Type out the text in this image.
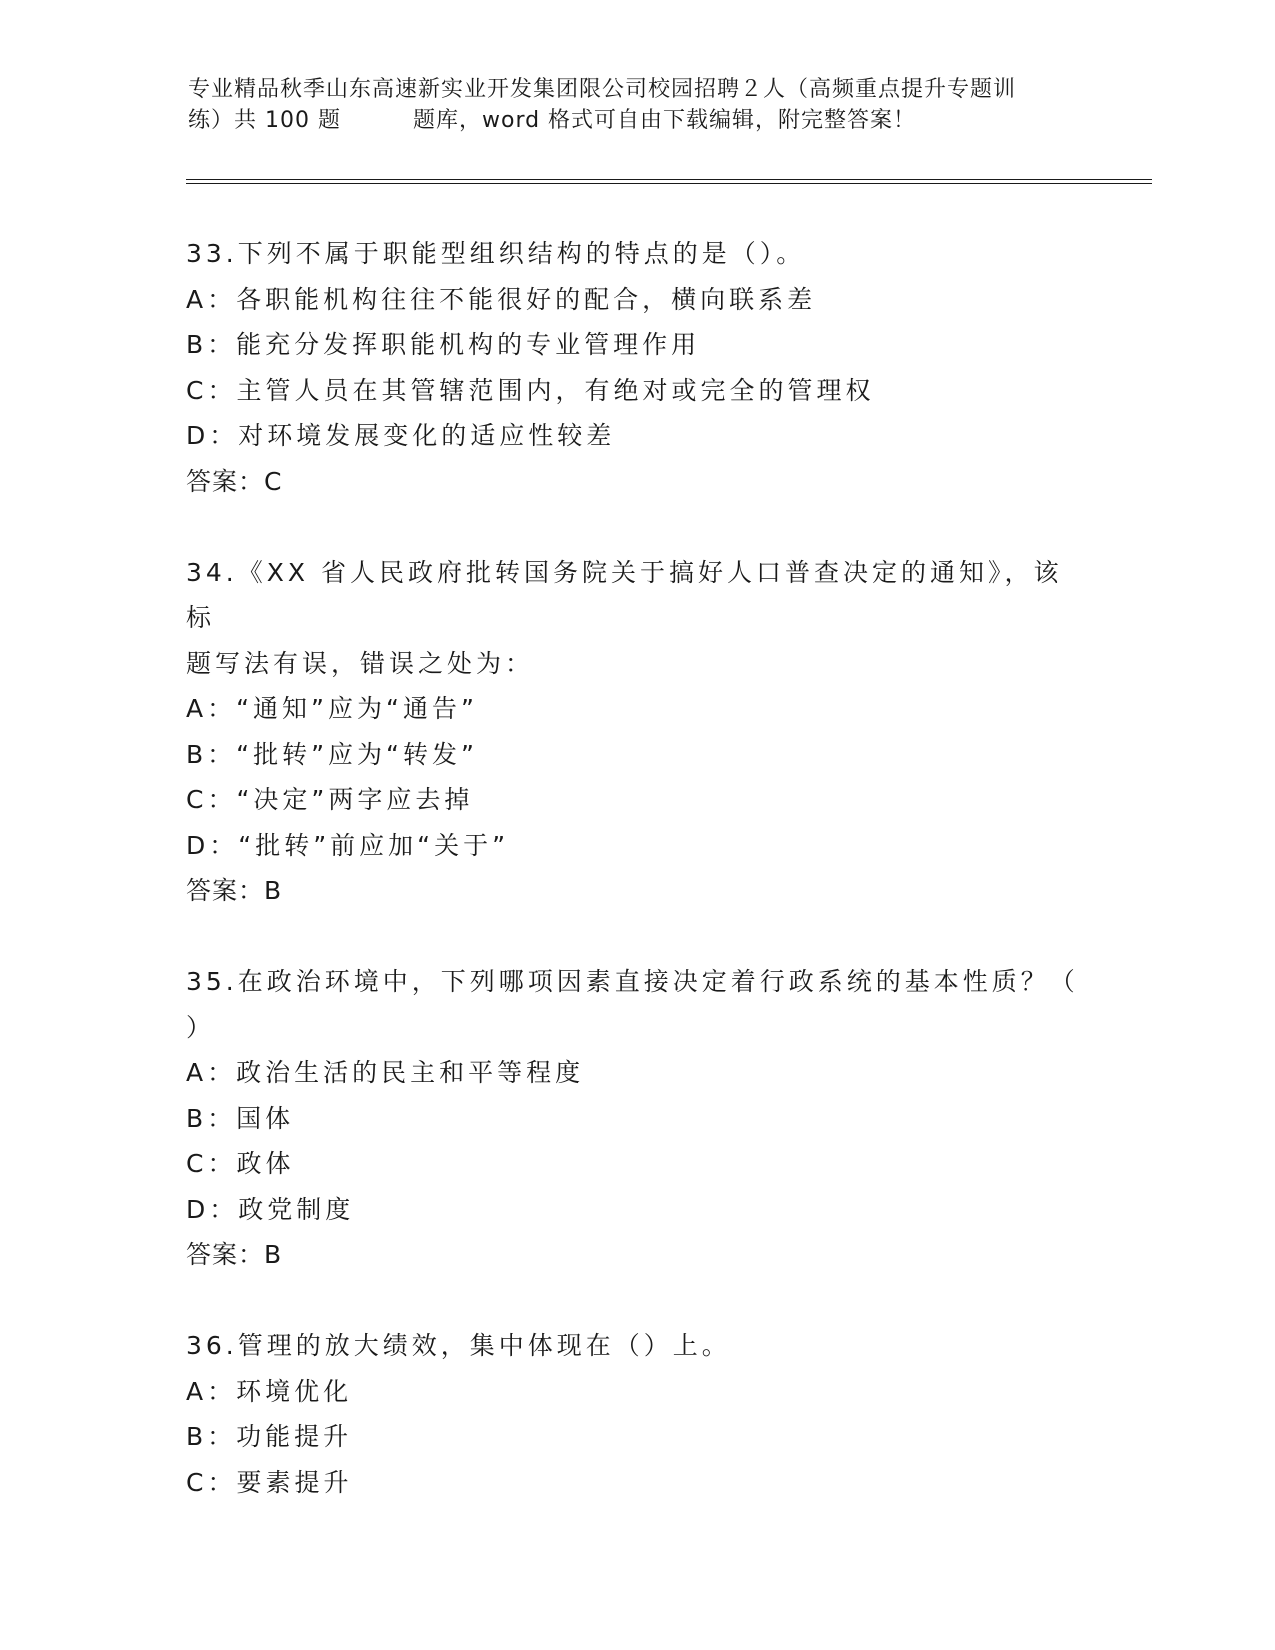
专业精品秋季山东高速新实业开发集团限公司校园招聘２人（高频重点提升专题训
练）共 100 题	题库，word 格式可自由下载编辑，附完整答案！
33.下列不属于职能型组织结构的特点的是（）。
A：各职能机构往往不能很好的配合，横向联系差
B：能充分发挥职能机构的专业管理作用
C：主管人员在其管辖范围内，有绝对或完全的管理权
D：对环境发展变化的适应性较差
答案：C
34.《XX 省人民政府批转国务院关于搞好人口普查决定的通知》，该标
题写法有误，错误之处为：
A：“通知”应为“通告”
B：“批转”应为“转发”
C：“决定”两字应去掉
D：“批转”前应加“关于”
答案：B
35.在政治环境中，下列哪项因素直接决定着行政系统的基本性质？（
）
A：政治生活的民主和平等程度
B：国体
C：政体
D：政党制度
答案：B
36.管理的放大绩效，集中体现在（）上。
A：环境优化
B：功能提升
C：要素提升
